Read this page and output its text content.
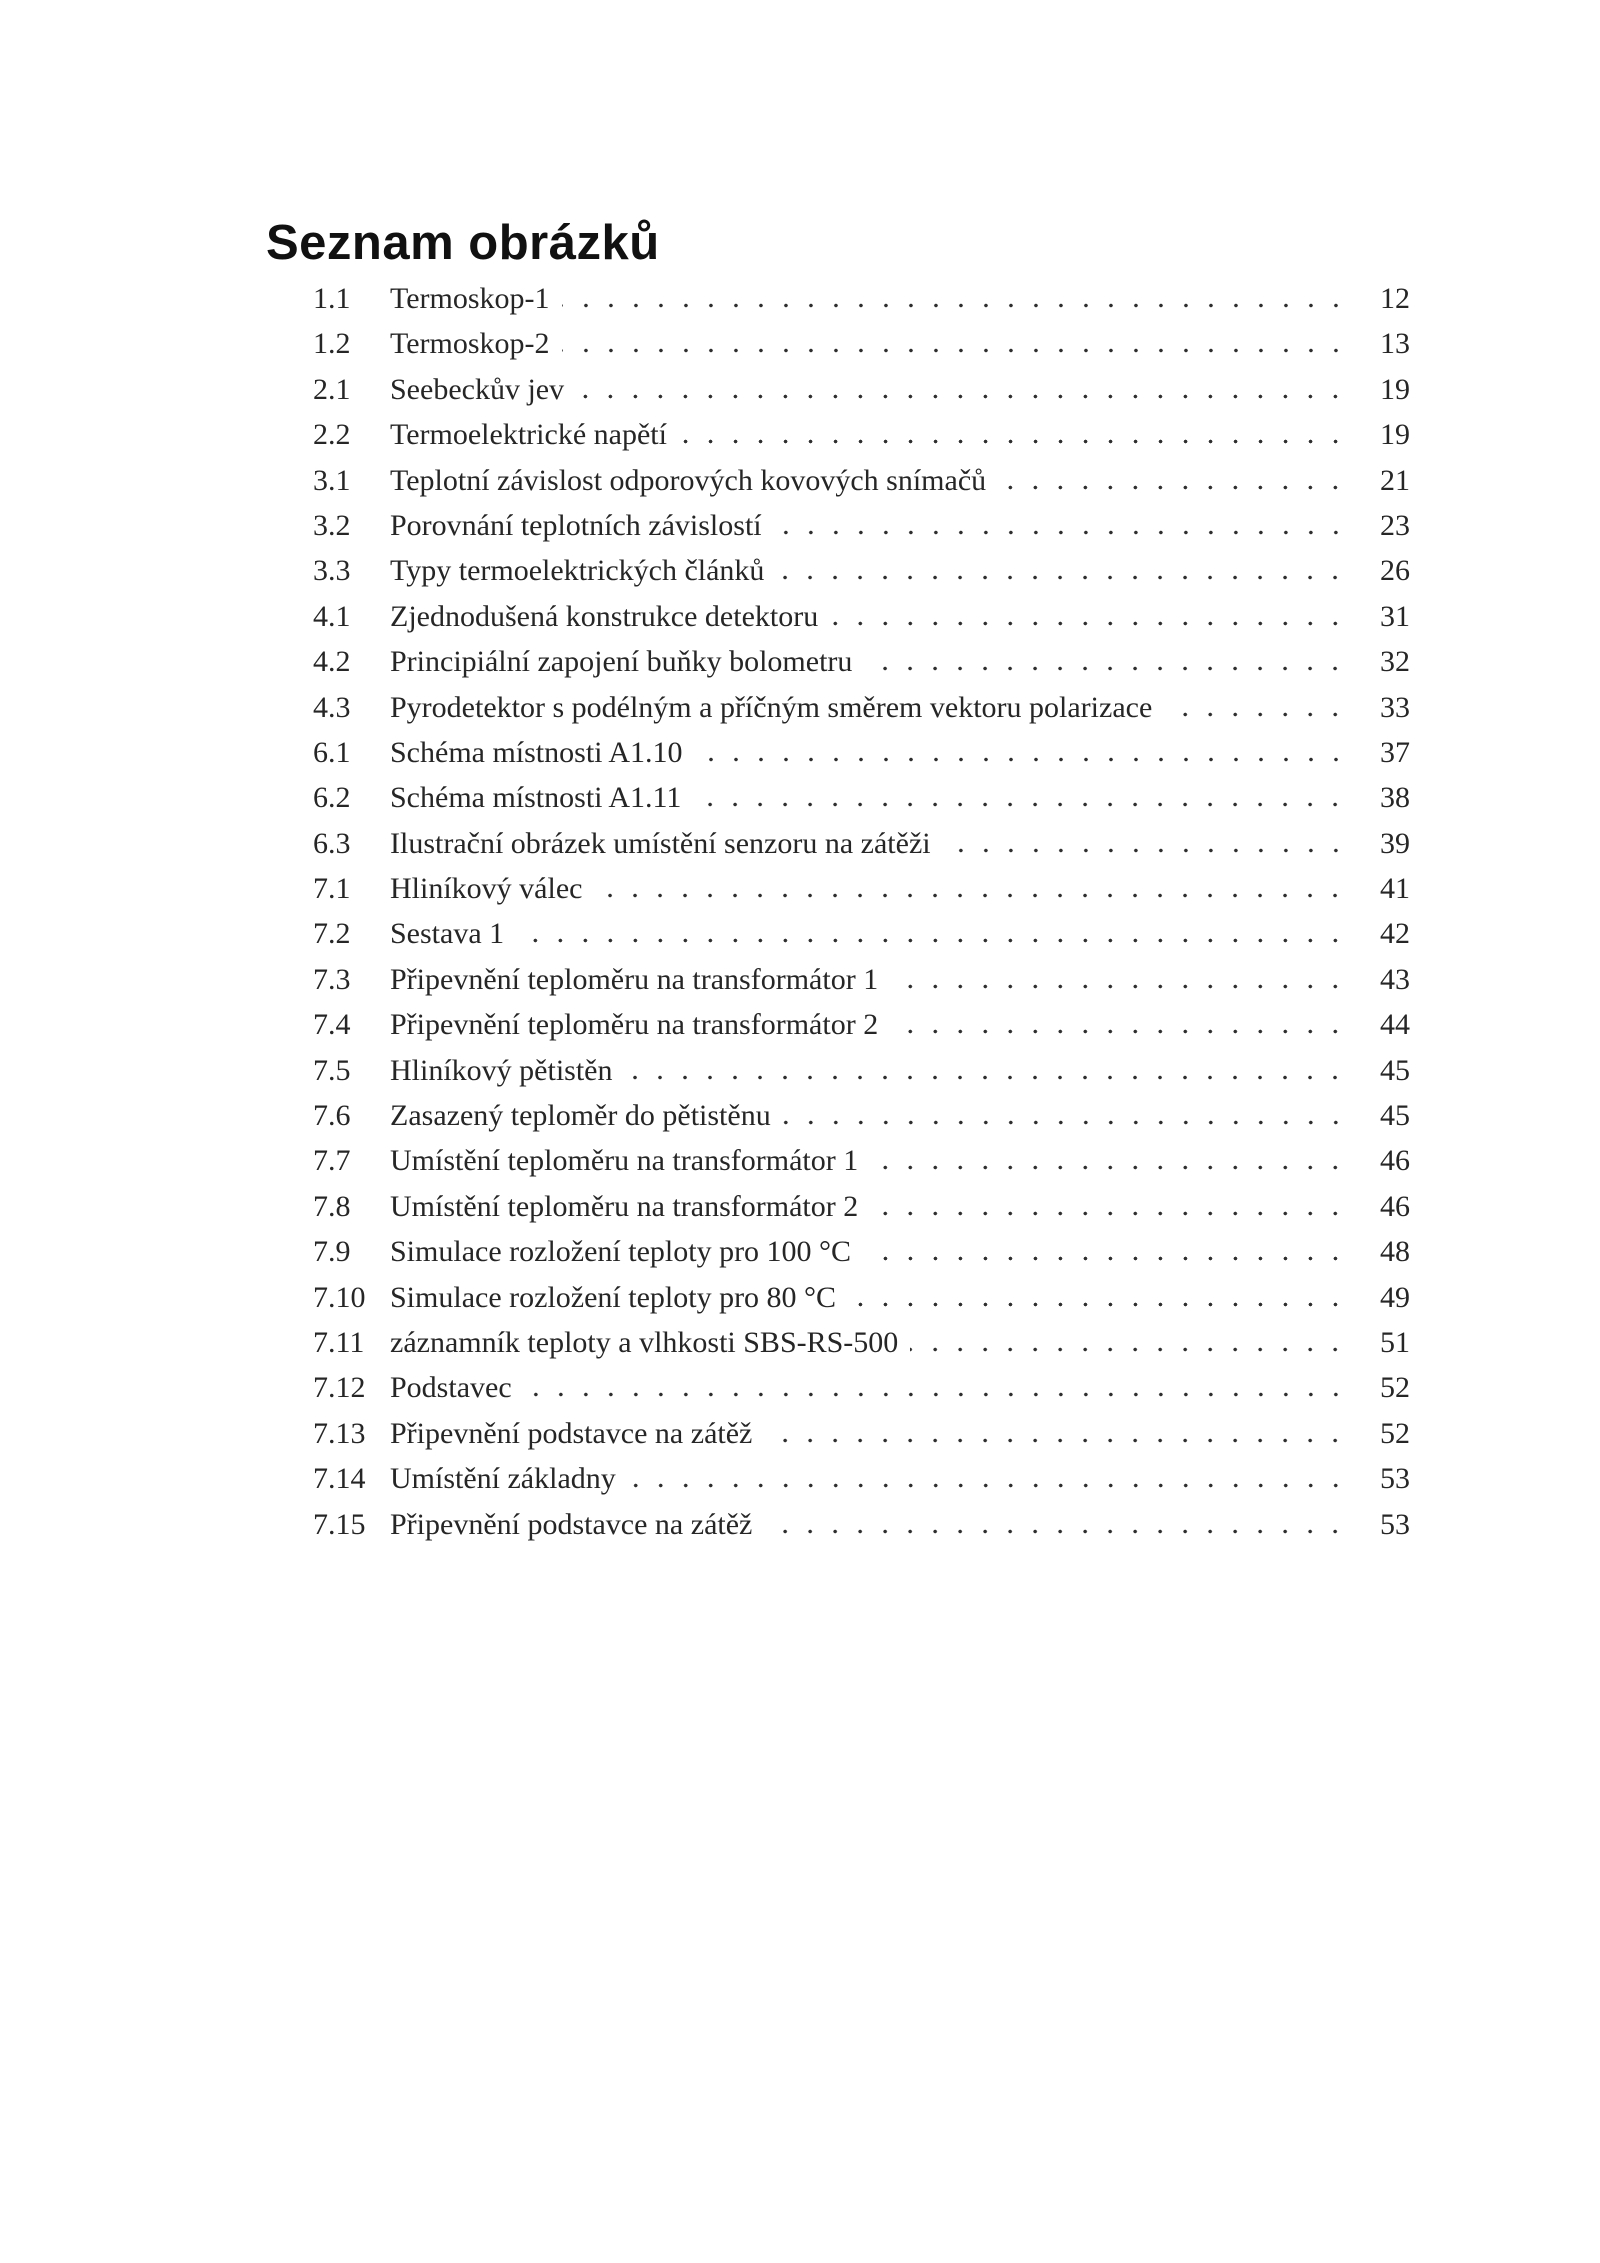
Seznam obrázků
1.1	Termoskop-1	12
1.2	Termoskop-2	13
2.1	Seebeckův jev	19
2.2	Termoelektrické napětí	19
3.1	Teplotní závislost odporových kovových snímačů	21
3.2	Porovnání teplotních závislostí	23
3.3	Typy termoelektrických článků	26
4.1	Zjednodušená konstrukce detektoru	31
4.2	Principiální zapojení buňky bolometru	32
4.3	Pyrodetektor s podélným a příčným směrem vektoru polarizace	33
6.1	Schéma místnosti A1.10	37
6.2	Schéma místnosti A1.11	38
6.3	Ilustrační obrázek umístění senzoru na zátěži	39
7.1	Hliníkový válec	41
7.2	Sestava 1	42
7.3	Připevnění teploměru na transformátor 1	43
7.4	Připevnění teploměru na transformátor 2	44
7.5	Hliníkový pětistěn	45
7.6	Zasazený teploměr do pětistěnu	45
7.7	Umístění teploměru na transformátor 1	46
7.8	Umístění teploměru na transformátor 2	46
7.9	Simulace rozložení teploty pro 100 °C	48
7.10 Simulace rozložení teploty pro 80 °C	49
7.11 záznamník teploty a vlhkosti SBS-RS-500	51
7.12 Podstavec	52
7.13 Připevnění podstavce na zátěž	52
7.14 Umístění základny	53
7.15 Připevnění podstavce na zátěž	53
